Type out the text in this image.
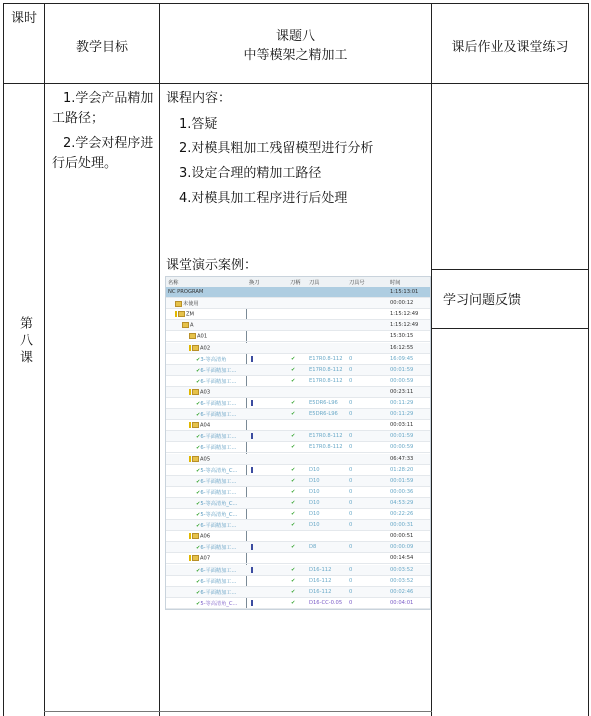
课时
教学目标
课题八
中等模架之精加工
课后作业及课堂练习
第八课
1.学会产品精加
工路径；
2.学会对程序进
行后处理。
课程内容：
1.答疑
2.对模具粗加工残留模型进行分析
3.设定合理的精加工路径
4.对模具加工程序进行后处理
课堂演示案例：
学习问题反馈
名称	换刀	刀柄 刀具	刀具号	时间
NC PROGRAM	1:15:13:01
未使用	00:00:12
ZM	1:15:12:49
A	1:15:12:49
A01	15:30:15
A02	16:12:55
✔3-等高清角	✔	E17R0.8-112 0	16:09:45
✔6-平面精加工...	✔	E17R0.8-112 0	00:01:59
✔6-平面精加工...	✔	E17R0.8-112 0	00:00:59
A03	00:23:11
✔6-平面精加工...	✔	E5DR6-L96 0	00:11:29
✔6-平面精加工...	✔	E5DR6-L96 0	00:11:29
A04	00:03:11
✔6-平面精加工...	✔	E17R0.8-112 0	00:01:59
✔6-平面精加工...	✔	E17R0.8-112 0	00:00:59
A05	06:47:33
✔5-等高清角_C...	✔	D10	0	01:28:20
✔6-平面精加工...	✔	D10	0	00:01:59
✔6-平面精加工...	✔	D10	0	00:00:36
✔5-等高清角_C...	✔	D10	0	04:53:29
✔5-等高清角_C...	✔	D10	0	00:22:26
✔6-平面精加工...	✔	D10	0	00:00:31
A06	00:00:51
✔6-平面精加工...	✔	D8	0	00:00:09
A07	00:14:54
✔6-平面精加工...	✔	D16-112	0	00:03:52
✔6-平面精加工...	✔	D16-112	0	00:03:52
✔6-平面精加工...	✔	D16-112	0	00:02:46
✔5-等高清角_C...	✔	D16-CC-0.05 0	00:04:01
